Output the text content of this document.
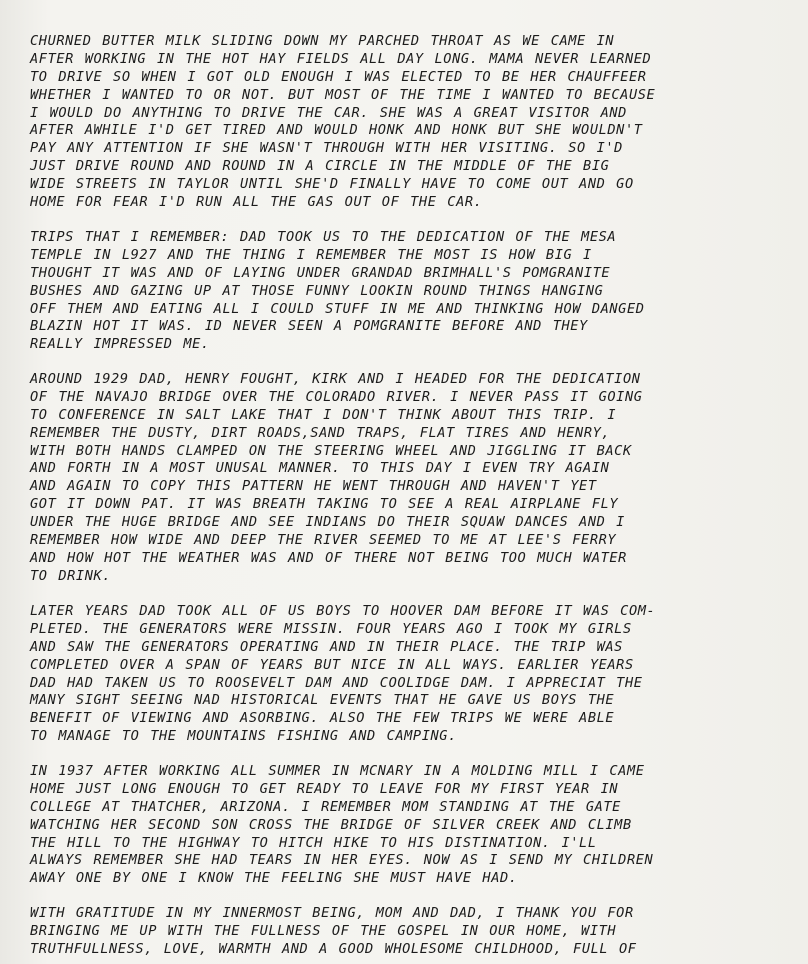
CHURNED BUTTER MILK SLIDING DOWN MY PARCHED THROAT AS WE CAME IN
AFTER WORKING IN THE HOT HAY FIELDS ALL DAY LONG. MAMA NEVER LEARNED
TO DRIVE SO WHEN I GOT OLD ENOUGH I WAS ELECTED TO BE HER CHAUFFEER
WHETHER I WANTED TO OR NOT. BUT MOST OF THE TIME I WANTED TO BECAUSE
I WOULD DO ANYTHING TO DRIVE THE CAR. SHE WAS A GREAT VISITOR AND
AFTER AWHILE I'D GET TIRED AND WOULD HONK AND HONK BUT SHE WOULDN'T
PAY ANY ATTENTION IF SHE WASN'T THROUGH WITH HER VISITING. SO I'D
JUST DRIVE ROUND AND ROUND IN A CIRCLE IN THE MIDDLE OF THE BIG
WIDE STREETS IN TAYLOR UNTIL SHE'D FINALLY HAVE TO COME OUT AND GO
HOME FOR FEAR I'D RUN ALL THE GAS OUT OF THE CAR.

TRIPS THAT I REMEMBER: DAD TOOK US TO THE DEDICATION OF THE MESA
TEMPLE IN L927 AND THE THING I REMEMBER THE MOST IS HOW BIG I
THOUGHT IT WAS AND OF LAYING UNDER GRANDAD BRIMHALL'S POMGRANITE
BUSHES AND GAZING UP AT THOSE FUNNY LOOKIN ROUND THINGS HANGING
OFF THEM AND EATING ALL I COULD STUFF IN ME AND THINKING HOW DANGED
BLAZIN HOT IT WAS. ID NEVER SEEN A POMGRANITE BEFORE AND THEY
REALLY IMPRESSED ME.

AROUND 1929 DAD, HENRY FOUGHT, KIRK AND I HEADED FOR THE DEDICATION
OF THE NAVAJO BRIDGE OVER THE COLORADO RIVER. I NEVER PASS IT GOING
TO CONFERENCE IN SALT LAKE THAT I DON'T THINK ABOUT THIS TRIP. I
REMEMBER THE DUSTY, DIRT ROADS,SAND TRAPS, FLAT TIRES AND HENRY,
WITH BOTH HANDS CLAMPED ON THE STEERING WHEEL AND JIGGLING IT BACK
AND FORTH IN A MOST UNUSAL MANNER. TO THIS DAY I EVEN TRY AGAIN
AND AGAIN TO COPY THIS PATTERN HE WENT THROUGH AND HAVEN'T YET
GOT IT DOWN PAT. IT WAS BREATH TAKING TO SEE A REAL AIRPLANE FLY
UNDER THE HUGE BRIDGE AND SEE INDIANS DO THEIR SQUAW DANCES AND I
REMEMBER HOW WIDE AND DEEP THE RIVER SEEMED TO ME AT LEE'S FERRY
AND HOW HOT THE WEATHER WAS AND OF THERE NOT BEING TOO MUCH WATER
TO DRINK.

LATER YEARS DAD TOOK ALL OF US BOYS TO HOOVER DAM BEFORE IT WAS COM-
PLETED. THE GENERATORS WERE MISSIN. FOUR YEARS AGO I TOOK MY GIRLS
AND SAW THE GENERATORS OPERATING AND IN THEIR PLACE. THE TRIP WAS
COMPLETED OVER A SPAN OF YEARS BUT NICE IN ALL WAYS. EARLIER YEARS
DAD HAD TAKEN US TO ROOSEVELT DAM AND COOLIDGE DAM. I APPRECIAT THE
MANY SIGHT SEEING NAD HISTORICAL EVENTS THAT HE GAVE US BOYS THE
BENEFIT OF VIEWING AND ASORBING. ALSO THE FEW TRIPS WE WERE ABLE
TO MANAGE TO THE MOUNTAINS FISHING AND CAMPING.

IN 1937 AFTER WORKING ALL SUMMER IN MCNARY IN A MOLDING MILL I CAME
HOME JUST LONG ENOUGH TO GET READY TO LEAVE FOR MY FIRST YEAR IN
COLLEGE AT THATCHER, ARIZONA. I REMEMBER MOM STANDING AT THE GATE
WATCHING HER SECOND SON CROSS THE BRIDGE OF SILVER CREEK AND CLIMB
THE HILL TO THE HIGHWAY TO HITCH HIKE TO HIS DISTINATION. I'LL
ALWAYS REMEMBER SHE HAD TEARS IN HER EYES. NOW AS I SEND MY CHILDREN
AWAY ONE BY ONE I KNOW THE FEELING SHE MUST HAVE HAD.

WITH GRATITUDE IN MY INNERMOST BEING, MOM AND DAD, I THANK YOU FOR
BRINGING ME UP WITH THE FULLNESS OF THE GOSPEL IN OUR HOME, WITH
TRUTHFULLNESS, LOVE, WARMTH AND A GOOD WHOLESOME CHILDHOOD, FULL OF
